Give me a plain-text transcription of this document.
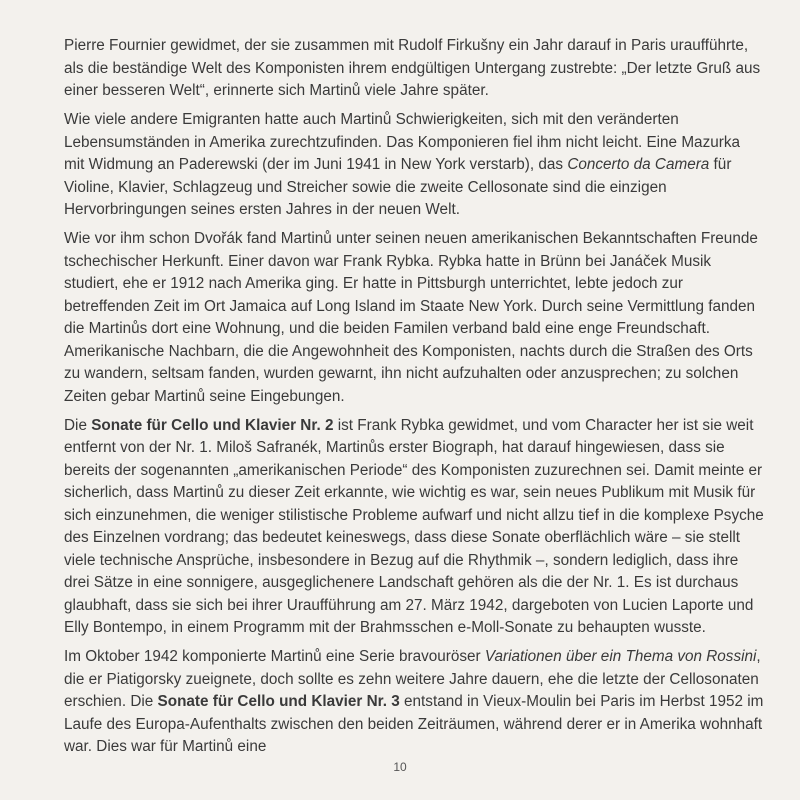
Pierre Fournier gewidmet, der sie zusammen mit Rudolf Firkušny ein Jahr darauf in Paris uraufführte, als die beständige Welt des Komponisten ihrem endgültigen Untergang zustrebte: „Der letzte Gruß aus einer besseren Welt“, erinnerte sich Martinů viele Jahre später.

Wie viele andere Emigranten hatte auch Martinů Schwierigkeiten, sich mit den veränderten Lebensumständen in Amerika zurechtzufinden. Das Komponieren fiel ihm nicht leicht. Eine Mazurka mit Widmung an Paderewski (der im Juni 1941 in New York verstarb), das Concerto da Camera für Violine, Klavier, Schlagzeug und Streicher sowie die zweite Cellosonate sind die einzigen Hervorbringungen seines ersten Jahres in der neuen Welt.

Wie vor ihm schon Dvořák fand Martinů unter seinen neuen amerikanischen Bekanntschaften Freunde tschechischer Herkunft. Einer davon war Frank Rybka. Rybka hatte in Brünn bei Janáček Musik studiert, ehe er 1912 nach Amerika ging. Er hatte in Pittsburgh unterrichtet, lebte jedoch zur betreffenden Zeit im Ort Jamaica auf Long Island im Staate New York. Durch seine Vermittlung fanden die Martinůs dort eine Wohnung, und die beiden Familen verband bald eine enge Freundschaft. Amerikanische Nachbarn, die die Angewohnheit des Komponisten, nachts durch die Straßen des Orts zu wandern, seltsam fanden, wurden gewarnt, ihn nicht aufzuhalten oder anzusprechen; zu solchen Zeiten gebar Martinů seine Eingebungen.

Die Sonate für Cello und Klavier Nr. 2 ist Frank Rybka gewidmet, und vom Character her ist sie weit entfernt von der Nr. 1. Miloš Safranék, Martinůs erster Biograph, hat darauf hingewiesen, dass sie bereits der sogenannten „amerikanischen Periode“ des Komponisten zuzurechnen sei. Damit meinte er sicherlich, dass Martinů zu dieser Zeit erkannte, wie wichtig es war, sein neues Publikum mit Musik für sich einzunehmen, die weniger stilistische Probleme aufwarf und nicht allzu tief in die komplexe Psyche des Einzelnen vordrang; das bedeutet keineswegs, dass diese Sonate oberflächlich wäre – sie stellt viele technische Ansprüche, insbesondere in Bezug auf die Rhythmik –, sondern lediglich, dass ihre drei Sätze in eine sonnigere, ausgeglichenere Landschaft gehören als die der Nr. 1. Es ist durchaus glaubhaft, dass sie sich bei ihrer Uraufführung am 27. März 1942, dargeboten von Lucien Laporte und Elly Bontempo, in einem Programm mit der Brahmsschen e-Moll-Sonate zu behaupten wusste.

Im Oktober 1942 komponierte Martinů eine Serie bravouröser Variationen über ein Thema von Rossini, die er Piatigorsky zueignete, doch sollte es zehn weitere Jahre dauern, ehe die letzte der Cellosonaten erschien. Die Sonate für Cello und Klavier Nr. 3 entstand in Vieux-Moulin bei Paris im Herbst 1952 im Laufe des Europa-Aufenthalts zwischen den beiden Zeiträumen, während derer er in Amerika wohnhaft war. Dies war für Martinů eine

10
